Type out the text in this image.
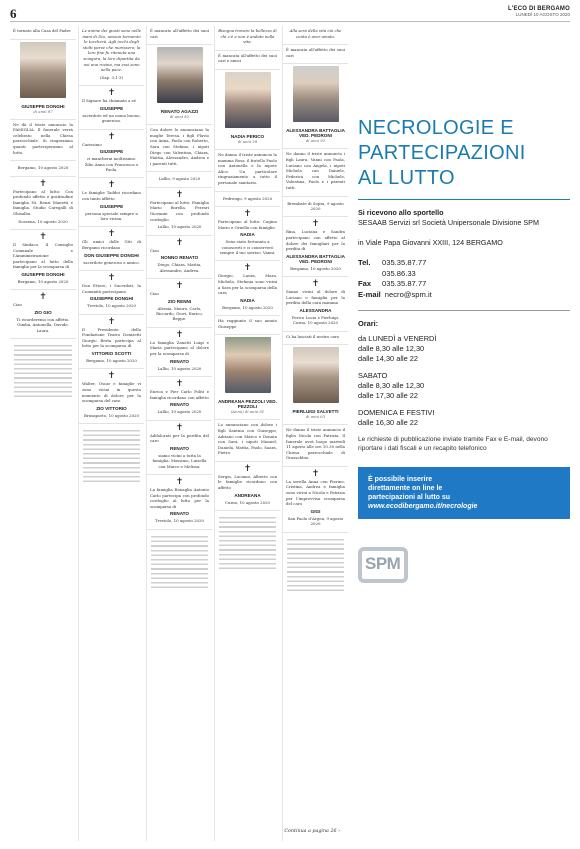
6	L'ECO DI BERGAMO
LUNEDÌ 10 AGOSTO 2020
È tornato alla Casa del Padre
GIUSEPPE DONGHI
di anni 87
Ne dà il triste annuncio la FAMIGLIA. Il funerale verrà celebrato nella Chiesa parrocchiale. Si ringraziano quanti parteciperanno al lutto.
Bergamo, 10 agosto 2020
✝
Partecipano al lutto: Con profondo affetto e gratitudine famiglia Ni, Renzi Manetti e famiglia. Studio Caregalli di Ghisalba.
Dossena, 10 agosto 2020
✝
Il Sindaco, il Consiglio Comunale e l'Amministrazione partecipano al lutto della famiglia per la scomparsa di
GIUSEPPE DONGHI
Bergamo, 10 agosto 2020
✝
Ciao
ZIO GIO
Ti ricorderemo con affetto. Gimba, Antonella, Davide, Laura.
Le anime dei giusti sono nelle mani di Dio, nessun tormento le toccherà. Agli occhi degli stolti parve che morissero; la loro fine fu ritenuta una sciagura, la loro dipartita da noi una rovina, ma essi sono nella pace.
(Sap. 3,1-3)
✝
Il Signore ha chiamato a sé
GIUSEPPE
sacerdote ed un uomo buono, generoso.
✝
Carissimo
GIUSEPPE
ci mancherai moltissimo. Zilio Anna con Francesca e Paola.
✝
Le famiglie Taddei ricordano con tanto affetto
GIUSEPPE
persona speciale sempre a loro vicina.
✝
Gli amici delle Giti di Bergamo ricordano
DON GIUSEPPE DONGHI
sacerdote generoso e amico.
✝
Don Ettore, i Sacerdoti, la Comunità partecipano
GIUSEPPE DONGHI
Treviolo, 10 agosto 2020
✝
Il Presidente della Fondazione Teatro Donizetti Giorgio Berta partecipa al lutto per la scomparsa di
VITTORIO SCOTTI
Bergamo, 10 agosto 2020
✝
Walter, Oscar e famiglie vi sono vicini in questo momento di dolore per la scomparsa del caro
ZIO VITTORIO
Brusaporto, 10 agosto 2020
È mancato all'affetto dei suoi cari
RENATO AGAZZI
di anni 82
Con dolore lo annunciano la moglie Teresa, i figli Flavio con Anna, Paola con Roberto, Sara con Stefano, i nipoti Diego con Valentina, Chiara, Mattia, Alessandro, Andrea e i parenti tutti.
Lallio, 9 agosto 2020
✝
Partecipano al lutto: Famiglia Mario Borella, Ferrari Giovanni con profondo cordoglio.
Lallio, 10 agosto 2020
✝
Ciao
NONNO RENATO
Diego, Chiara, Mattia, Alessandro, Andrea.
✝
Ciao
ZIO RENNI
Alessia, Mauro, Carlo, Riccardo, Giovi, Enrico, Beppe.
✝
La famiglia Zanotti Luigi e Maria partecipano al dolore per la scomparsa di
RENATO
Lallio, 10 agosto 2020
✝
Enrica e Pier Carlo Politi e famiglia ricordano con affetto
RENATO
Lallio, 10 agosto 2020
✝
Addolorati per la perdita del caro
RENATO
siamo vicini a tutta la famiglia. Massimo, Luisella con Marco e Melissa.
✝
La famiglia Renaglia Antonio Carlo partecipa con profondo cordoglio al lutto per la scomparsa di
RENATO
Treviolo, 10 agosto 2020
Bisogna trovare la bellezza di chi c'è e non è andato nella vita.
È mancata all'affetto dei suoi cari e amici
NADIA PERICO
di anni 58
Ne danno il triste annuncio la mamma Rosa, il fratello Paolo con Antonella e la nipote Alice. Un particolare ringraziamento a tutto il personale sanitario.
Pedrengo, 9 agosto 2020
✝
Partecipano al lutto: Cugino Mario e Ornella con famiglie.
NADIA
Sono stato fortunato a conoscerti e ci conserverò sempre il tuo sorriso. Vanni.
✝
Giorgio, Laura, Mara, Michela, Stefania sono vicini a Sara per la scomparsa della cara
NADIA
Bergamo, 10 agosto 2020
Ha raggiunto il suo amato Giuseppe
ANDREANA PEZZOLI VED. PEZZOLI
(Anna) di anni 91
Lo annunciano con dolore i figli Santina con Giuseppe, Adriano con Marco e Donata con Sara, i nipoti Manuel, Daniela, Mattia, Paolo, Saara, Pietro.
✝
Sergio, Luciano, Alberto con le famiglie ricordano con affetto
ANDREANA
Curno, 10 agosto 2020
Alla sera della vita ciò che conta è aver amato.
È mancata all'affetto dei suoi cari
ALESSANDRA BATTAGLIA VED. PEDRONI
di anni 92
Ne danno il triste annuncio i figli Laura, Vanni con Paola, Luciano con Angela, i nipoti Michela con Daniele, Federica con Michele, Valentina, Paolo e i parenti tutti.
Brembate di Sopra, 9 agosto 2020
✝
Rina, Luciana e Sandra partecipano con affetto al dolore dei famigliari per la perdita di
ALESSANDRA BATTAGLIA VED. PEDRONI
Bergamo, 10 agosto 2020
✝
Siamo vicini al dolore di Luciano e famiglia per la perdita della cara mamma
ALESSANDRA
Perico Lucia e Pierluigi. Curno, 10 agosto 2020
Ci ha lasciati il nostro caro
PIERLUIGI SALVETTI
di anni 63
Ne danno il triste annuncio il figlio Nicola con Patrizia. Il funerale avrà luogo martedì 11 agosto alle ore 10.30 nella Chiesa parrocchiale di Grassobbio.
✝
La sorella Anna con Pierino, Cristina, Andrea e famiglia sono vicini a Nicola e Patrizia per l'improvvisa scomparsa del caro
GIGI
San Paolo d'Argon, 9 agosto 2020
Continua a pagina 26 ›
NECROLOGIE E
PARTECIPAZIONI
AL LUTTO
Si ricevono allo sportello
SESAAB Servizi srl Società Unipersonale Divisione SPM
in Viale Papa Giovanni XXIII, 124 BERGAMO
Tel. 035.35.87.77
035.86.33
Fax 035.35.87.77
E-mail necro@spm.it
Orari:
da LUNEDÌ a VENERDÌ
dalle 8,30 alle 12,30
dalle 14,30 alle 22
SABATO
dalle 8,30 alle 12,30
dalle 17,30 alle 22
DOMENICA E FESTIVI
dalle 16,30 alle 22
Le richieste di pubblicazione inviate tramite Fax e E-mail, devono riportare i dati fiscali e un recapito telefonico
È possibile inserire
direttamente on line le
partecipazioni al lutto su
www.ecodibergamo.it/necrologie
SPM
